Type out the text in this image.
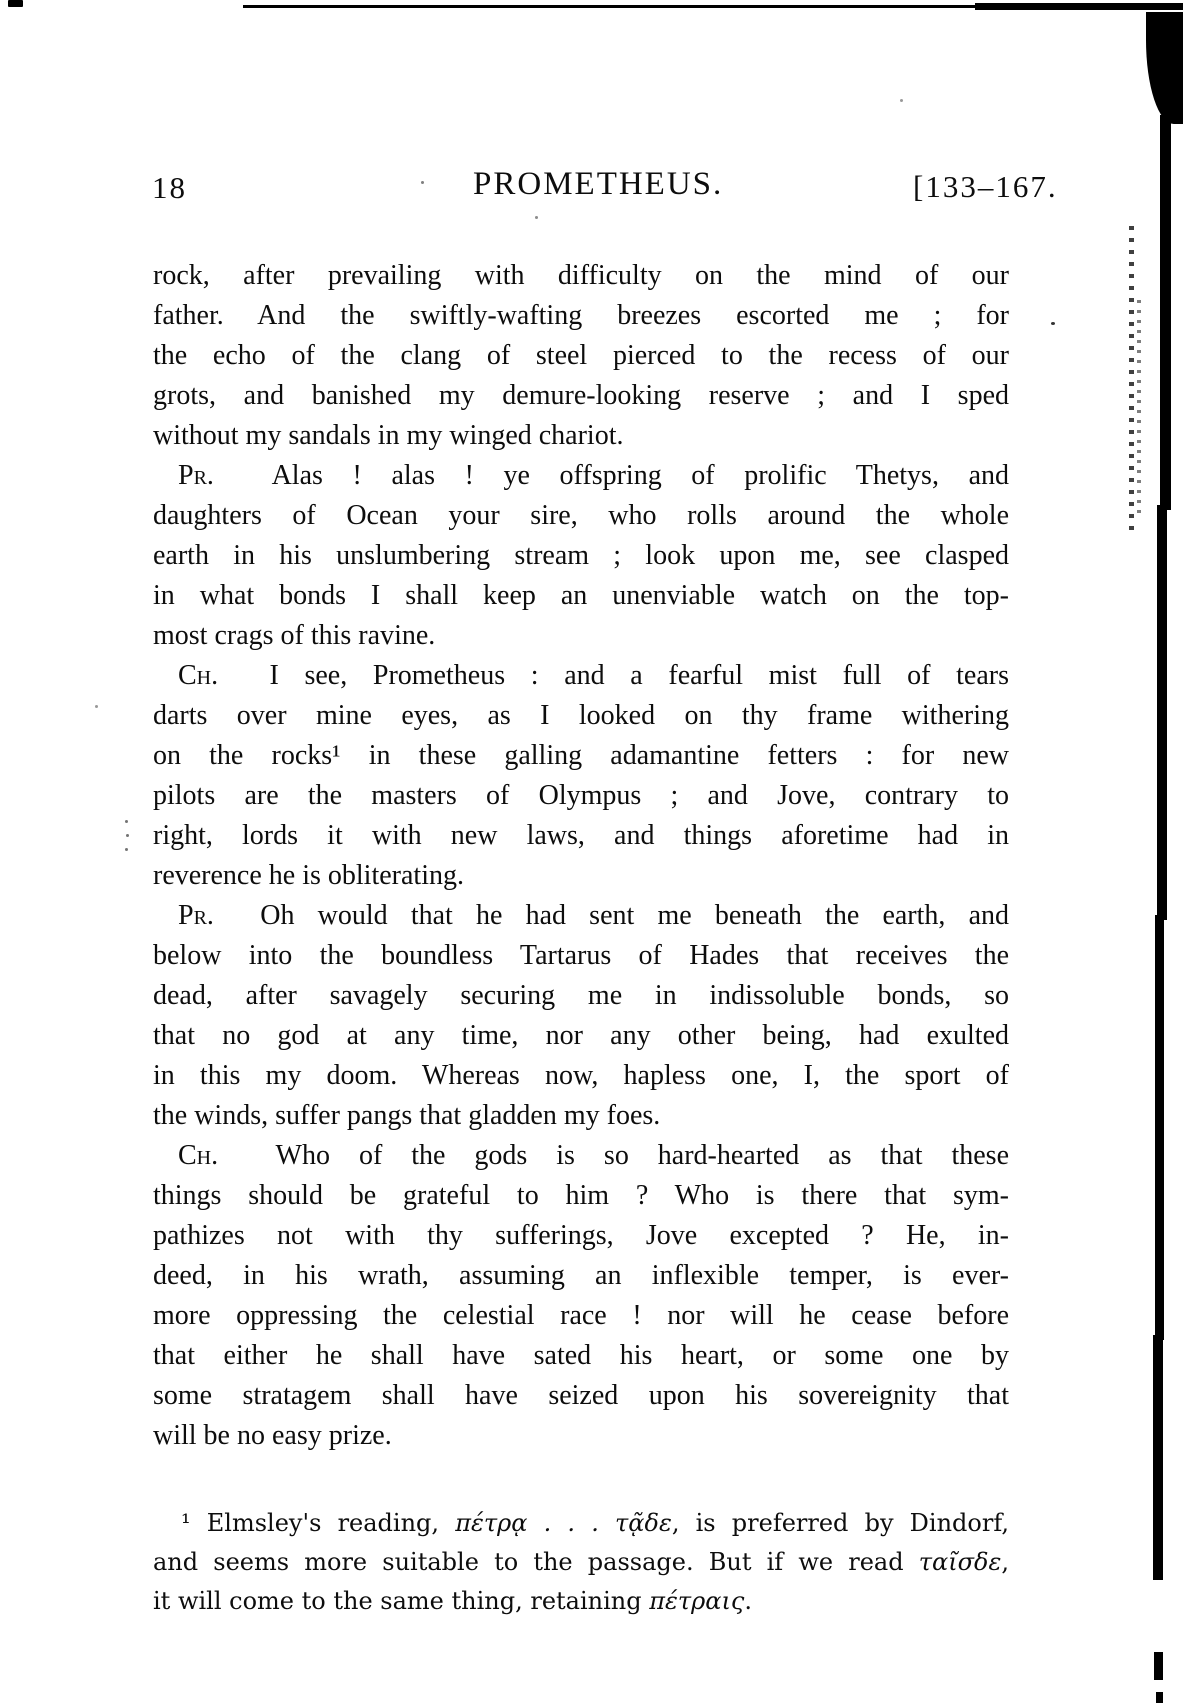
18	PROMETHEUS.	[133–167.
rock, after prevailing with difficulty on the mind of our
father. And the swiftly-wafting breezes escorted me ; for
the echo of the clang of steel pierced to the recess of our
grots, and banished my demure-looking reserve ; and I sped
without my sandals in my winged chariot.
Pr.  Alas ! alas ! ye offspring of prolific Thetys, and
daughters of Ocean your sire, who rolls around the whole
earth in his unslumbering stream ; look upon me, see clasped
in what bonds I shall keep an unenviable watch on the top-
most crags of this ravine.
Ch.  I see, Prometheus : and a fearful mist full of tears
darts over mine eyes, as I looked on thy frame withering
on the rocks¹ in these galling adamantine fetters : for new
pilots are the masters of Olympus ; and Jove, contrary to
right, lords it with new laws, and things aforetime had in
reverence he is obliterating.
Pr.  Oh would that he had sent me beneath the earth, and
below into the boundless Tartarus of Hades that receives the
dead, after savagely securing me in indissoluble bonds, so
that no god at any time, nor any other being, had exulted
in this my doom. Whereas now, hapless one, I, the sport of
the winds, suffer pangs that gladden my foes.
Ch.  Who of the gods is so hard-hearted as that these
things should be grateful to him ? Who is there that sym-
pathizes not with thy sufferings, Jove excepted ? He, in-
deed, in his wrath, assuming an inflexible temper, is ever-
more oppressing the celestial race ! nor will he cease before
that either he shall have sated his heart, or some one by
some stratagem shall have seized upon his sovereignity that
will be no easy prize.
¹ Elmsley's reading, πέτρᾳ . . . τᾷδε, is preferred by Dindorf,
and seems more suitable to the passage. But if we read ταῖσδε,
it will come to the same thing, retaining πέτραις.
